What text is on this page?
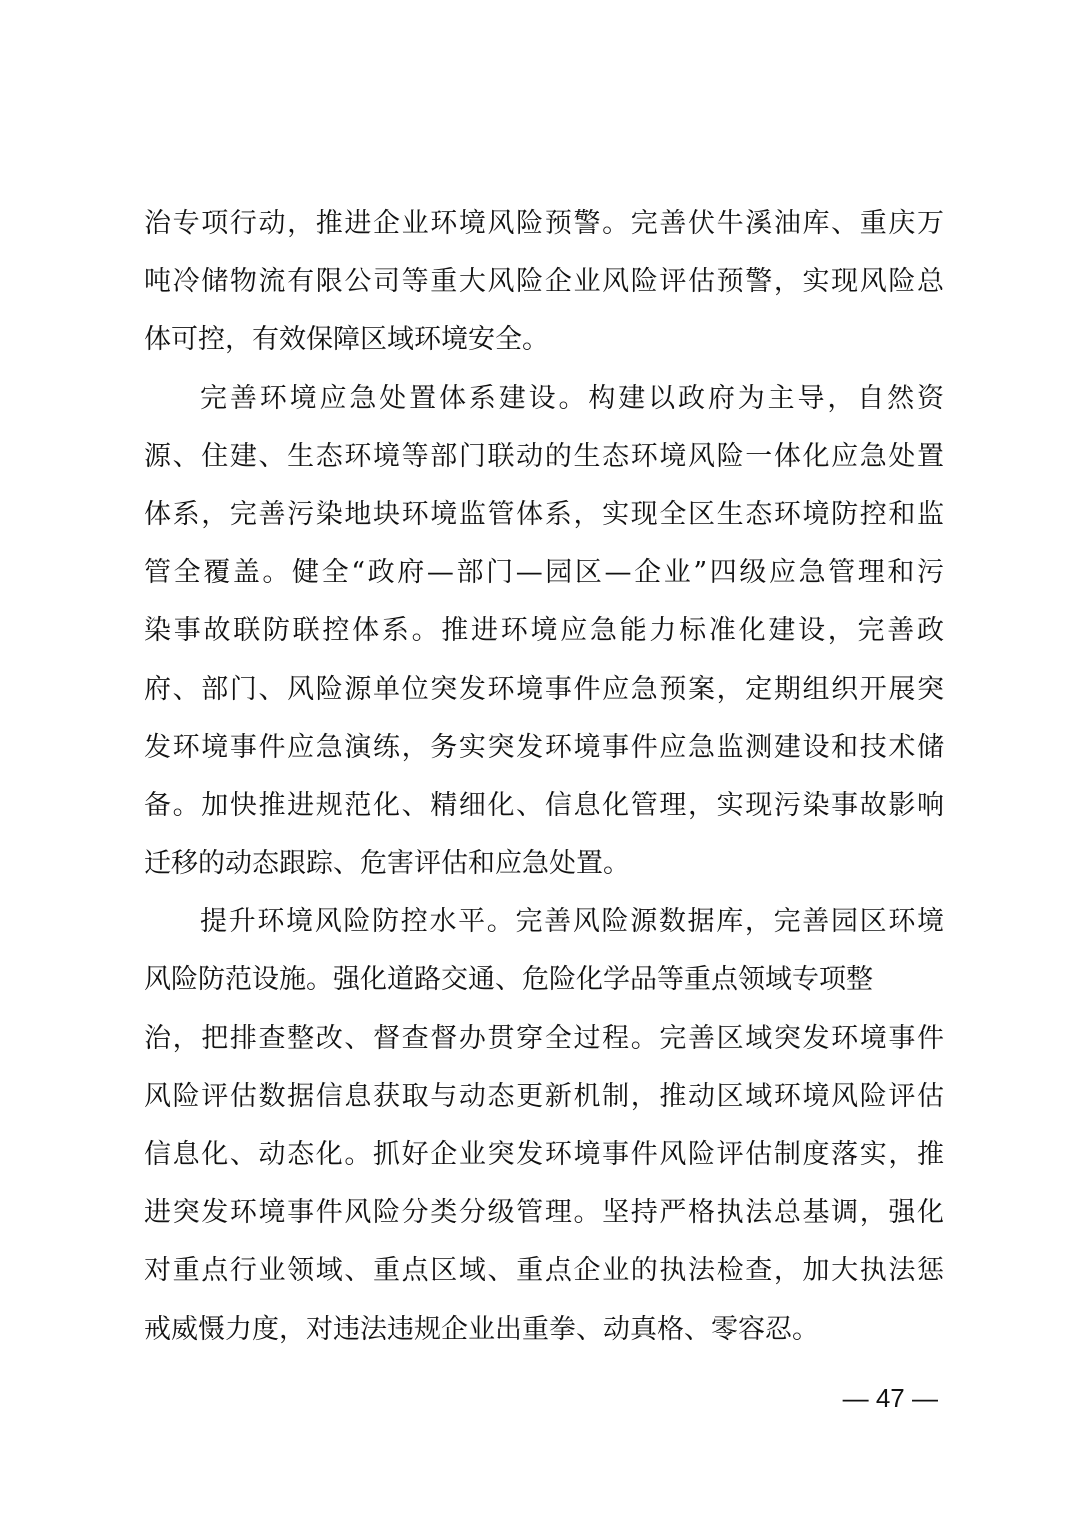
治专项行动，推进企业环境风险预警。完善伏牛溪油库、重庆万
吨冷储物流有限公司等重大风险企业风险评估预警，实现风险总
体可控，有效保障区域环境安全。
完善环境应急处置体系建设。构建以政府为主导，自然资
源、住建、生态环境等部门联动的生态环境风险一体化应急处置
体系，完善污染地块环境监管体系，实现全区生态环境防控和监
管全覆盖。健全“政府—部门—园区—企业”四级应急管理和污
染事故联防联控体系。推进环境应急能力标准化建设，完善政
府、部门、风险源单位突发环境事件应急预案，定期组织开展突
发环境事件应急演练，务实突发环境事件应急监测建设和技术储
备。加快推进规范化、精细化、信息化管理，实现污染事故影响
迁移的动态跟踪、危害评估和应急处置。
提升环境风险防控水平。完善风险源数据库，完善园区环境
风险防范设施。强化道路交通、危险化学品等重点领域专项整
治，把排查整改、督查督办贯穿全过程。完善区域突发环境事件
风险评估数据信息获取与动态更新机制，推动区域环境风险评估
信息化、动态化。抓好企业突发环境事件风险评估制度落实，推
进突发环境事件风险分类分级管理。坚持严格执法总基调，强化
对重点行业领域、重点区域、重点企业的执法检查，加大执法惩
戒威慑力度，对违法违规企业出重拳、动真格、零容忍。
— 47 —
